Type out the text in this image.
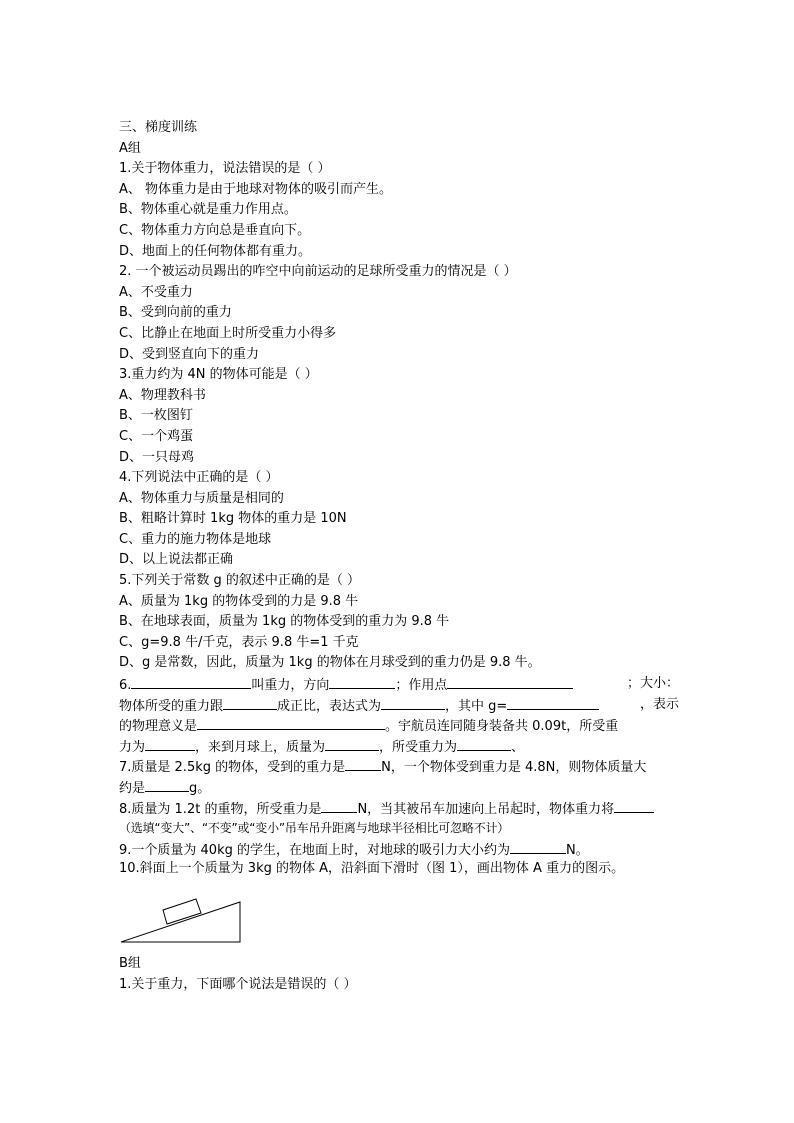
三、梯度训练
A组
1.关于物体重力，说法错误的是（ ）
A、 物体重力是由于地球对物体的吸引而产生。
B、物体重心就是重力作用点。
C、物体重力方向总是垂直向下。
D、地面上的任何物体都有重力。
2. 一个被运动员踢出的咋空中向前运动的足球所受重力的情况是（ ）
A、不受重力
B、受到向前的重力
C、比静止在地面上时所受重力小得多
D、受到竖直向下的重力
3.重力约为 4N 的物体可能是（ ）
A、物理教科书
B、一枚图钉
C、一个鸡蛋
D、一只母鸡
4.下列说法中正确的是（ ）
A、物体重力与质量是相同的
B、粗略计算时 1kg 物体的重力是 10N
C、重力的施力物体是地球
D、以上说法都正确
5.下列关于常数 g 的叙述中正确的是（ ）
A、质量为 1kg 的物体受到的力是 9.8 牛
B、在地球表面，质量为 1kg 的物体受到的重力为 9.8 牛
C、g=9.8 牛/千克，表示 9.8 牛=1 千克
D、g 是常数，因此，质量为 1kg 的物体在月球受到的重力仍是 9.8 牛。
6.	叫重力，方向	；作用点	；大小：
物体所受的重力跟	成正比，表达式为	，其中 g=	，表示
的物理意义是	。宇航员连同随身装备共 0.09t，所受重
力为	，来到月球上，质量为	，所受重力为	、
7.质量是 2.5kg 的物体，受到的重力是	N，一个物体受到重力是 4.8N，则物体质量大
约是	g。
8.质量为 1.2t 的重物，所受重力是	N，当其被吊车加速向上吊起时，物体重力将
（选填“变大”、“不变”或“变小”吊车吊升距离与地球半径相比可忽略不计）
9.一个质量为 40kg 的学生，在地面上时，对地球的吸引力大小约为	N。
10.斜面上一个质量为 3kg 的物体 A，沿斜面下滑时（图 1），画出物体 A 重力的图示。
B组
1.关于重力，下面哪个说法是错误的（ ）
